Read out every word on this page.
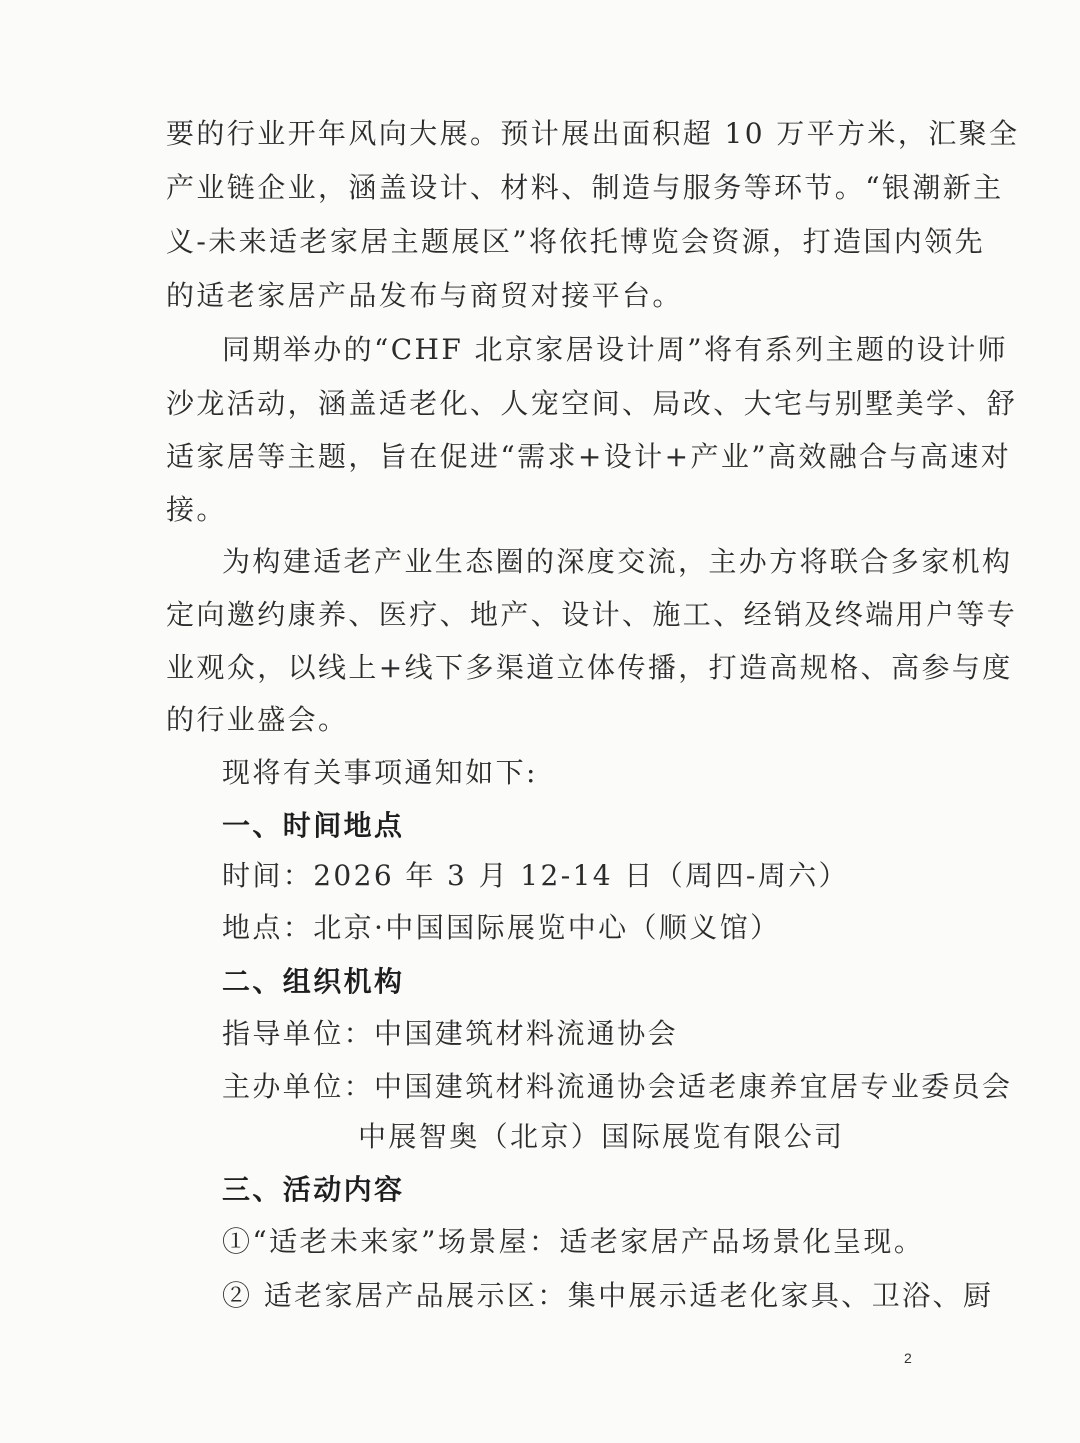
要的行业开年风向大展。预计展出面积超 10 万平方米，汇聚全
产业链企业，涵盖设计、材料、制造与服务等环节。“银潮新主
义-未来适老家居主题展区”将依托博览会资源，打造国内领先
的适老家居产品发布与商贸对接平台。
同期举办的“CHF 北京家居设计周”将有系列主题的设计师
沙龙活动，涵盖适老化、人宠空间、局改、大宅与别墅美学、舒
适家居等主题，旨在促进“需求+设计+产业”高效融合与高速对
接。
为构建适老产业生态圈的深度交流，主办方将联合多家机构
定向邀约康养、医疗、地产、设计、施工、经销及终端用户等专
业观众，以线上+线下多渠道立体传播，打造高规格、高参与度
的行业盛会。
现将有关事项通知如下:
一、时间地点
时间：2026 年 3 月 12-14 日（周四-周六）
地点：北京·中国国际展览中心（顺义馆）
二、组织机构
指导单位：中国建筑材料流通协会
主办单位：中国建筑材料流通协会适老康养宜居专业委员会
中展智奥（北京）国际展览有限公司
三、活动内容
①“适老未来家”场景屋：适老家居产品场景化呈现。
② 适老家居产品展示区：集中展示适老化家具、卫浴、厨
2
